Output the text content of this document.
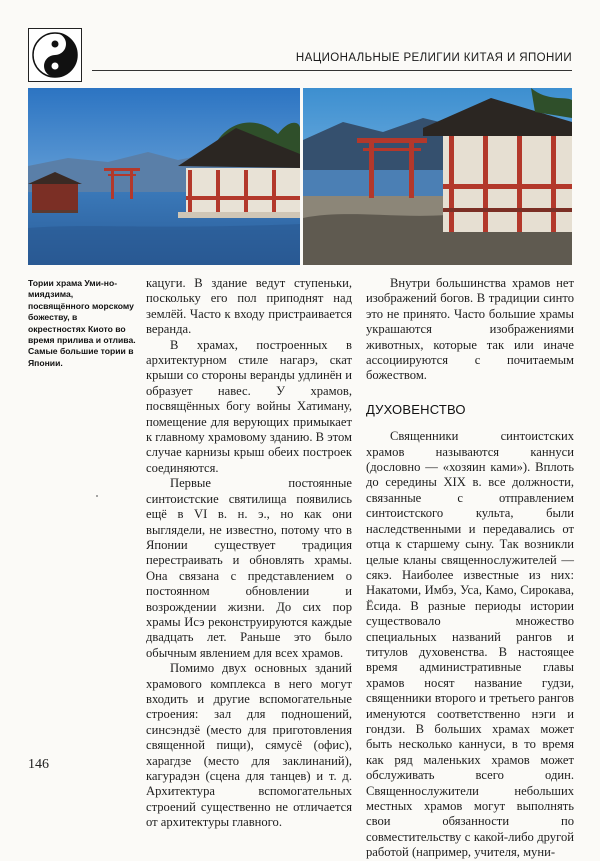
НАЦИОНАЛЬНЫЕ РЕЛИГИИ КИТАЯ И ЯПОНИИ

Тории храма Уми-но-миядзима, посвящённого морскому божеству, в окрестностях Киото во время прилива и отлива.

Самые большие тории в Японии.

кацуги. В здание ведут ступеньки, поскольку его пол приподнят над землёй. Часто к входу пристраивается веранда.

В храмах, построенных в архитектурном стиле нагарэ, скат крыши со стороны веранды удлинён и образует навес. У храмов, посвящённых богу войны Хатиману, помещение для верующих примыкает к главному храмовому зданию. В этом случае карнизы крыш обеих построек соединяются.

Первые постоянные синтоистские святилища появились ещё в VI в. н. э., но как они выглядели, не известно, потому что в Японии существует традиция перестраивать и обновлять храмы. Она связана с представлением о постоянном обновлении и возрождении жизни. До сих пор храмы Исэ реконструируются каждые двадцать лет. Раньше это было обычным явлением для всех храмов.

Помимо двух основных зданий храмового комплекса в него могут входить и другие вспомогательные строения: зал для подношений, синсэндзё (место для приготовления священной пищи), сямусё (офис), харагдзе (место для заклинаний), кагурадэн (сцена для танцев) и т. д. Архитектура вспомогательных строений существенно не отличается от архитектуры главного.

Внутри большинства храмов нет изображений богов. В традиции синто это не принято. Часто большие храмы украшаются изображениями животных, которые так или иначе ассоциируются с почитаемым божеством.

ДУХОВЕНСТВО

Священники синтоистских храмов называются каннуси (дословно — «хозяин ками»). Вплоть до середины XIX в. все должности, связанные с отправлением синтоистского культа, были наследственными и передавались от отца к старшему сыну. Так возникли целые кланы священнослужителей — сякэ. Наиболее известные из них: Накатоми, Имбэ, Уса, Камо, Сирокава, Ёсида. В разные периоды истории существовало множество специальных названий рангов и титулов духовенства. В настоящее время административные главы храмов носят название гудзи, священники второго и третьего рангов именуются соответственно нэги и гондзи. В больших храмах может быть несколько каннуси, в то время как ряд маленьких храмов может обслуживать всего один. Священнослужители небольших местных храмов могут выполнять свои обязанности по совместительству с какой-либо другой работой (например, учителя, муни-

146
